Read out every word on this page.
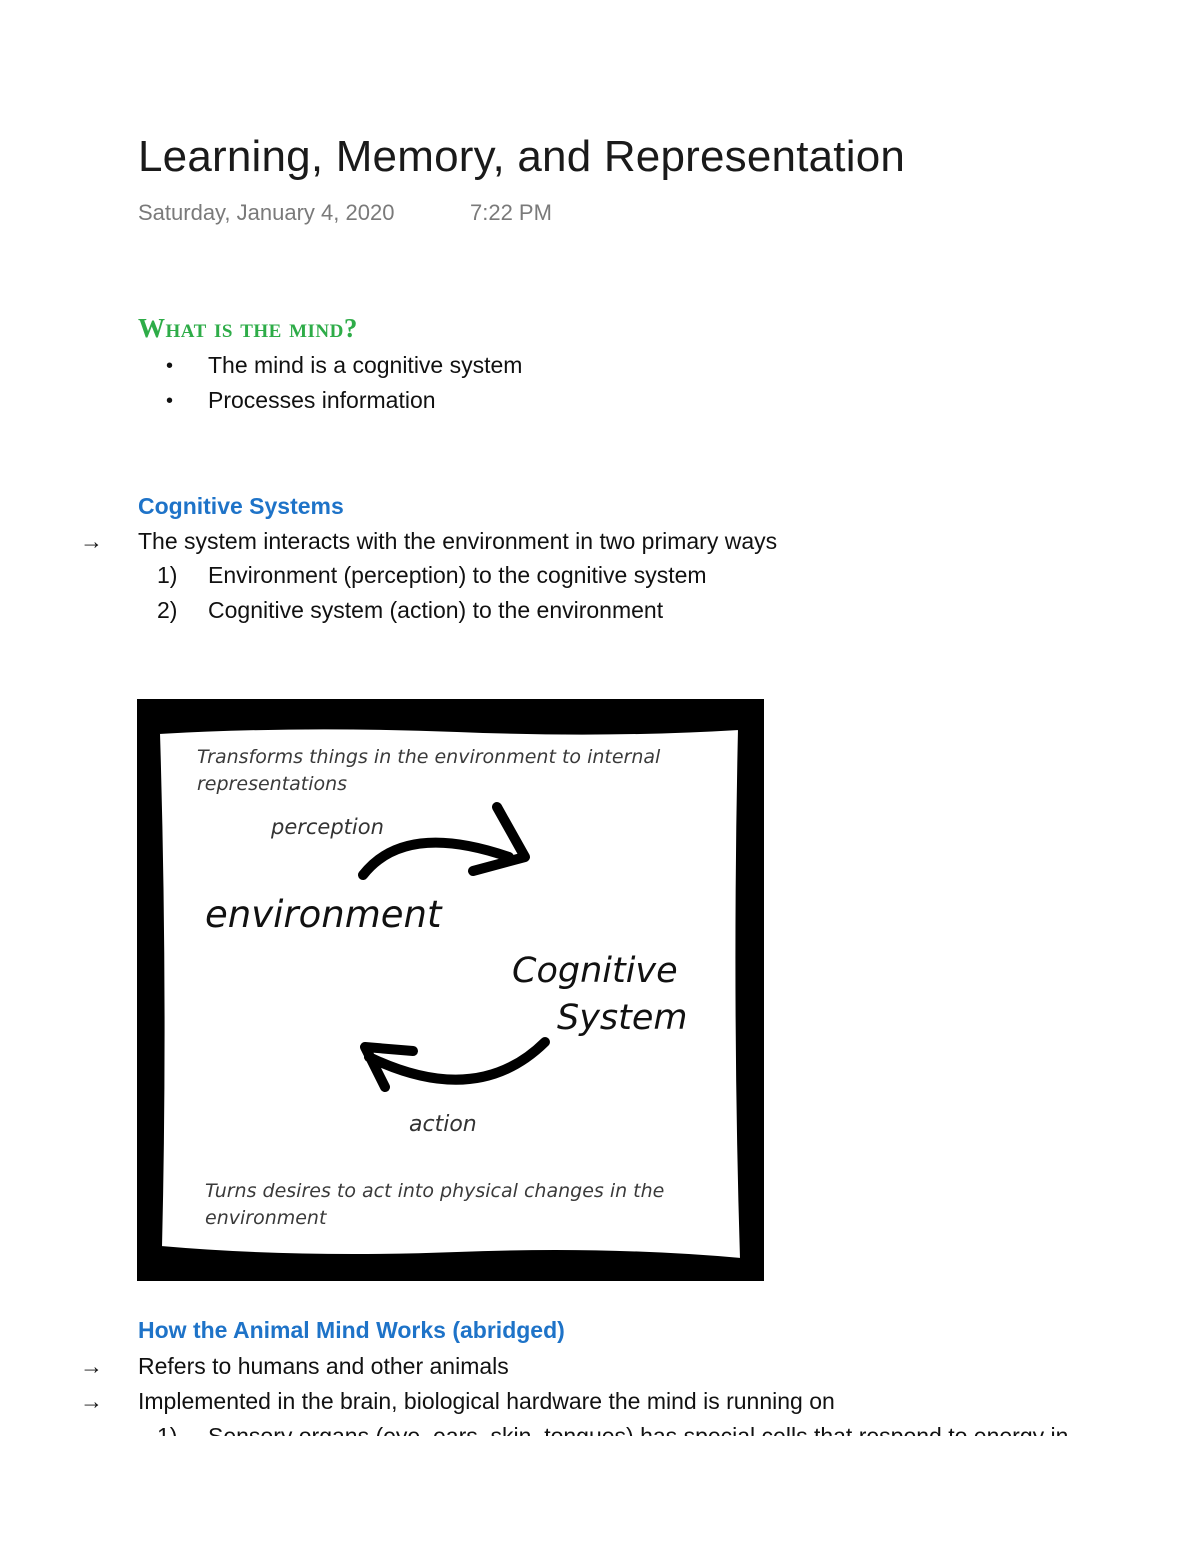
Learning, Memory, and Representation
Saturday, January 4, 2020	7:22 PM
What is the mind?
• The mind is a cognitive system
• Processes information
Cognitive Systems
→ The system interacts with the environment in two primary ways
1) Environment (perception) to the cognitive system
2) Cognitive system (action) to the environment
Transforms things in the environment to internal
representations
perception
environment
Cognitive
System
action
Turns desires to act into physical changes in the
environment
How the Animal Mind Works (abridged)
→ Refers to humans and other animals
→ Implemented in the brain, biological hardware the mind is running on
